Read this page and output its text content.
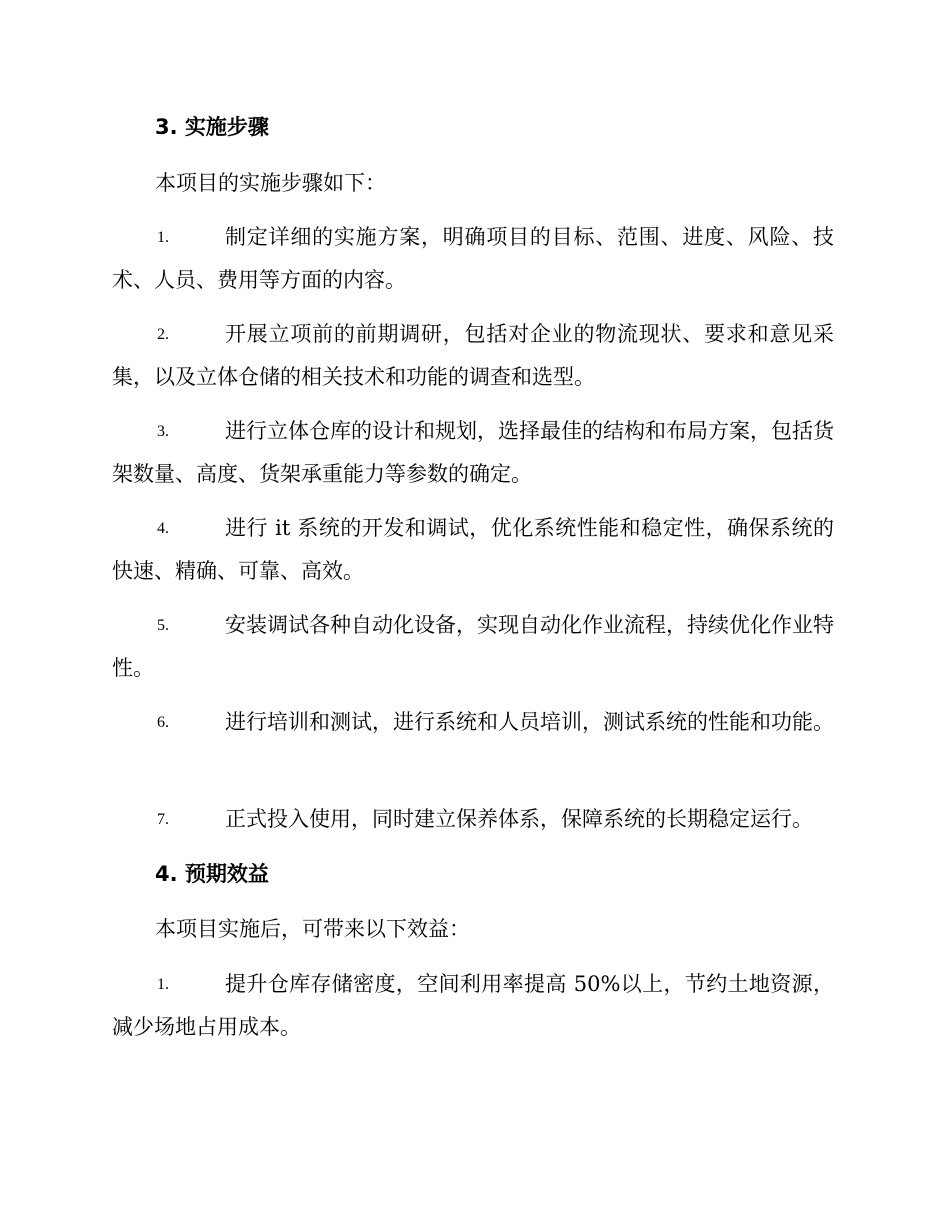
3. 实施步骤
本项目的实施步骤如下：
1.	制定详细的实施方案，明确项目的目标、范围、进度、风险、技术、人员、费用等方面的内容。
2.	开展立项前的前期调研，包括对企业的物流现状、要求和意见采集，以及立体仓储的相关技术和功能的调查和选型。
3.	进行立体仓库的设计和规划，选择最佳的结构和布局方案，包括货架数量、高度、货架承重能力等参数的确定。
4.	进行 it 系统的开发和调试，优化系统性能和稳定性，确保系统的快速、精确、可靠、高效。
5.	安装调试各种自动化设备，实现自动化作业流程，持续优化作业特性。
6.	进行培训和测试，进行系统和人员培训，测试系统的性能和功能。
7.	正式投入使用，同时建立保养体系，保障系统的长期稳定运行。
4. 预期效益
本项目实施后，可带来以下效益：
1.	提升仓库存储密度，空间利用率提高 50%以上，节约土地资源，减少场地占用成本。
